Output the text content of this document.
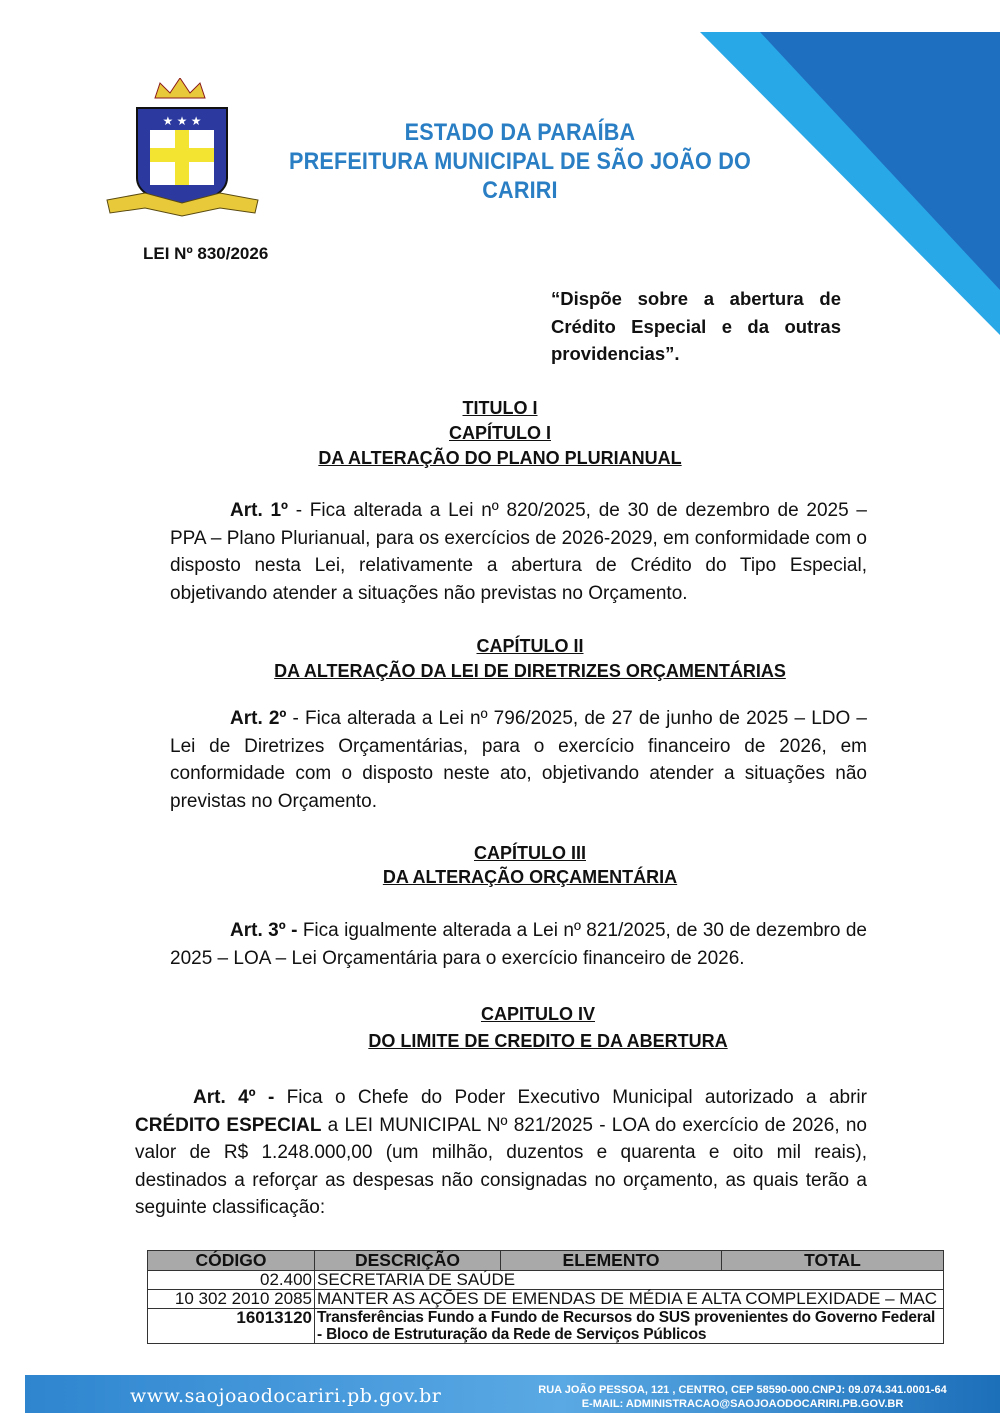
★ ★ ★	ESTADO DA PARAÍBA
PREFEITURA MUNICIPAL DE SÃO JOÃO DO CARIRI
LEI Nº 830/2026
“Dispõe sobre a abertura de Crédito Especial e da outras providencias”.
TITULO I
CAPÍTULO I
DA ALTERAÇÃO DO PLANO PLURIANUAL
Art. 1º - Fica alterada a Lei nº 820/2025, de 30 de dezembro de 2025 – PPA – Plano Plurianual, para os exercícios de 2026-2029, em conformidade com o disposto nesta Lei, relativamente a abertura de Crédito do Tipo Especial, objetivando atender a situações não previstas no Orçamento.
CAPÍTULO II
DA ALTERAÇÃO DA LEI DE DIRETRIZES ORÇAMENTÁRIAS
Art. 2º - Fica alterada a Lei nº 796/2025, de 27 de junho de 2025 – LDO – Lei de Diretrizes Orçamentárias, para o exercício financeiro de 2026, em conformidade com o disposto neste ato, objetivando atender a situações não previstas no Orçamento.
CAPÍTULO III
DA ALTERAÇÃO ORÇAMENTÁRIA
Art. 3º - Fica igualmente alterada a Lei nº 821/2025, de 30 de dezembro de 2025 – LOA – Lei Orçamentária para o exercício financeiro de 2026.
CAPITULO IV
DO LIMITE DE CREDITO E DA ABERTURA
Art. 4º - Fica o Chefe do Poder Executivo Municipal autorizado a abrir CRÉDITO ESPECIAL a LEI MUNICIPAL Nº 821/2025 - LOA do exercício de 2026, no valor de R$ 1.248.000,00 (um milhão, duzentos e quarenta e oito mil reais), destinados a reforçar as despesas não consignadas no orçamento, as quais terão a seguinte classificação:
CÓDIGO	DESCRIÇÃO	ELEMENTO	TOTAL
02.400	SECRETARIA DE SAÚDE		
10 302 2010 2085	MANTER AS AÇÕES DE EMENDAS DE MÉDIA E ALTA COMPLEXIDADE – MAC		
16013120	Transferências Fundo a Fundo de Recursos do SUS provenientes do Governo Federal - Bloco de Estruturação da Rede de Serviços Públicos		
www.saojoaodocariri.pb.gov.br	RUA JOÃO PESSOA, 121 , CENTRO, CEP 58590-000.CNPJ: 09.074.341.0001-64
E-MAIL: ADMINISTRACAO@SAOJOAODOCARIRI.PB.GOV.BR
